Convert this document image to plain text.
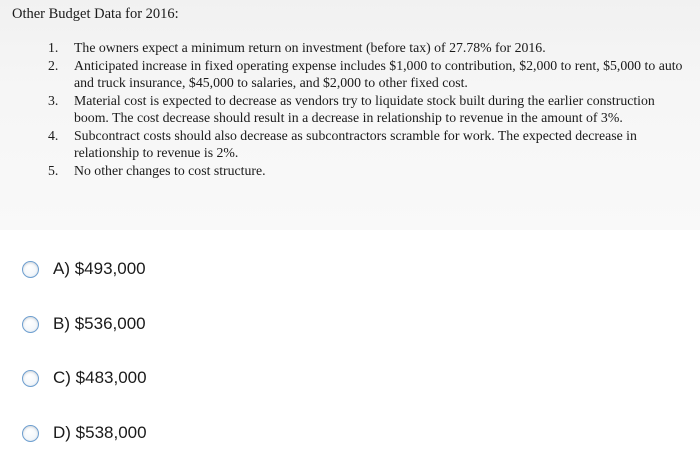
Other Budget Data for 2016:
1. The owners expect a minimum return on investment (before tax) of 27.78% for 2016.
2. Anticipated increase in fixed operating expense includes $1,000 to contribution, $2,000 to rent, $5,000 to auto and truck insurance, $45,000 to salaries, and $2,000 to other fixed cost.
3. Material cost is expected to decrease as vendors try to liquidate stock built during the earlier construction boom. The cost decrease should result in a decrease in relationship to revenue in the amount of 3%.
4. Subcontract costs should also decrease as subcontractors scramble for work. The expected decrease in relationship to revenue is 2%.
5. No other changes to cost structure.
A) $493,000
B) $536,000
C) $483,000
D) $538,000
